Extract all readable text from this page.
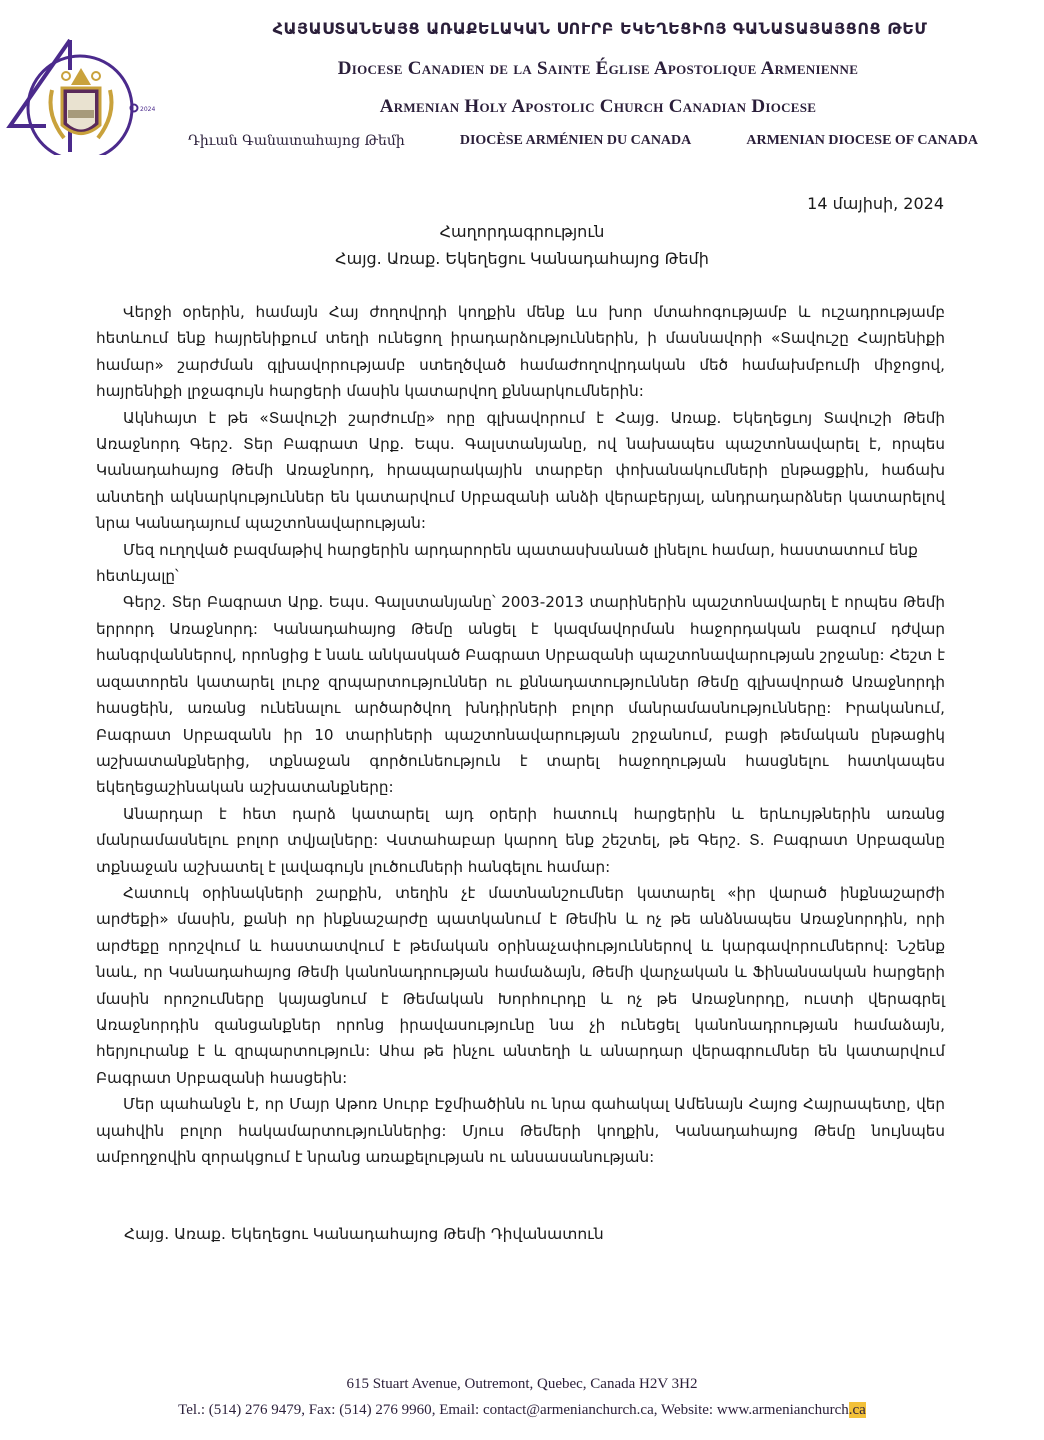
2024
ՀԱՅԱՍՏԱՆԵԱՅՑ ԱՌԱՔԵԼԱԿԱՆ ՍՈՒՐԲ ԵԿԵՂԵՑԻՈՅ ԳԱՆԱՏԱՅԱՅՑՈՑ ԹԵՄ
Diocese Canadien de la Sainte Église Apostolique Armenienne
Armenian Holy Apostolic Church Canadian Diocese
Դիւան Գանատահայոց Թեմի	DIOCÈSE ARMÉNIEN DU CANADA	ARMENIAN DIOCESE OF CANADA
14 մայիսի, 2024
Հաղորդագրություն
Հայց. Առաք. Եկեղեցու Կանադահայոց Թեմի

Վերջի օրերին, համայն Հայ ժողովրդի կողքին մենք ևս խոր մտահոգությամբ և ուշադրությամբ հետևում ենք հայրենիքում տեղի ունեցող իրադարձություններին, ի մասնավորի «Տավուշը Հայրենիքի համար» շարժման գլխավորությամբ ստեղծված համաժողովրդական մեծ համախմբումի միջոցով, հայրենիքի լրջագույն հարցերի մասին կատարվող քննարկումներին:

Ակնհայտ է թե «Տավուշի շարժումը» որը գլխավորում է Հայց. Առաք. Եկեղեցւոյ Տավուշի Թեմի Առաջնորդ Գերշ. Տեր Բագրատ Արք. Եպս. Գալստանյանը, ով նախապես պաշտոնավարել է, որպես Կանադահայոց Թեմի Առաջնորդ, հրապարակային տարբեր փոխանակումների ընթացքին, հաճախ անտեղի ակնարկություններ են կատարվում Սրբազանի անձի վերաբերյալ, անդրադարձներ կատարելով նրա Կանադայում պաշտոնավարության:

Մեզ ուղղված բազմաթիվ հարցերին արդարորեն պատասխանած լինելու համար, հաստատում ենք հետևյալը՝

Գերշ. Տեր Բագրատ Արք. Եպս. Գալստանյանը՝ 2003-2013 տարիներին պաշտոնավարել է որպես Թեմի երրորդ Առաջնորդ: Կանադահայոց Թեմը անցել է կազմավորման հաջորդական բազում դժվար հանգրվաններով, որոնցից է նաև անկասկած Բագրատ Սրբազանի պաշտոնավարության շրջանը: Հեշտ է ազատորեն կատարել լուրջ զրպարտություններ ու քննադատություններ Թեմը գլխավորած Առաջնորդի հասցեին, առանց ունենալու արծարծվող խնդիրների բոլոր մանրամասնությունները: Իրականում, Բագրատ Սրբազանն իր 10 տարիների պաշտոնավարության շրջանում, բացի թեմական ընթացիկ աշխատանքներից, տքնաջան գործունեություն է տարել հաջողության հասցնելու հատկապես եկեղեցաշինական աշխատանքները:

Անարդար է հետ դարձ կատարել այդ օրերի հատուկ հարցերին և երևույթներին առանց մանրամասնելու բոլոր տվյալները: Վստահաբար կարող ենք շեշտել, թե Գերշ. Տ. Բագրատ Սրբազանը տքնաջան աշխատել է լավագույն լուծումների հանգելու համար:

Հատուկ օրինակների շարքին, տեղին չէ մատնանշումներ կատարել «իր վարած ինքնաշարժի արժեքի» մասին, քանի որ ինքնաշարժը պատկանում է Թեմին և ոչ թե անձնապես Առաջնորդին, որի արժեքը որոշվում և հաստատվում է թեմական օրինաչափություններով և կարգավորումներով: Նշենք նաև, որ Կանադահայոց Թեմի կանոնադրության համաձայն, Թեմի վարչական և Ֆինանսական հարցերի մասին որոշումները կայացնում է Թեմական Խորհուրդը և ոչ թե Առաջնորդը, ուստի վերագրել Առաջնորդին զանցանքներ որոնց իրավասությունը նա չի ունեցել կանոնադրության համաձայն, հերյուրանք է և զրպարտություն: Ահա թե ինչու անտեղի և անարդար վերագրումներ են կատարվում Բագրատ Սրբազանի հասցեին:

Մեր պահանջն է, որ Մայր Աթոռ Սուրբ Էջմիածինն ու նրա գահակալ Ամենայն Հայոց Հայրապետը, վեր պահվին բոլոր հակամարտություններից: Մյուս Թեմերի կողքին, Կանադահայոց Թեմը նույնպես ամբողջովին զորակցում է նրանց առաքելության ու անսասանության:

Հայց. Առաք. Եկեղեցու Կանադահայոց Թեմի Դիվանատուն
615 Stuart Avenue, Outremont, Quebec, Canada H2V 3H2
Tel.: (514) 276 9479, Fax: (514) 276 9960, Email: contact@armenianchurch.ca, Website: www.armenianchurch.ca
